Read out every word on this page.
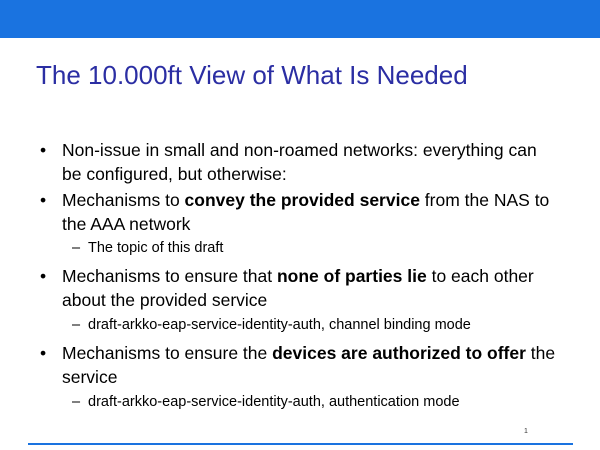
The 10.000ft View of What Is Needed
• Non-issue in small and non-roamed networks: everything can be configured, but otherwise:
• Mechanisms to convey the provided service from the NAS to the AAA network
– The topic of this draft
• Mechanisms to ensure that none of parties lie to each other about the provided service
– draft-arkko-eap-service-identity-auth, channel binding mode
• Mechanisms to ensure the devices are authorized to offer the service
– draft-arkko-eap-service-identity-auth, authentication mode
1
